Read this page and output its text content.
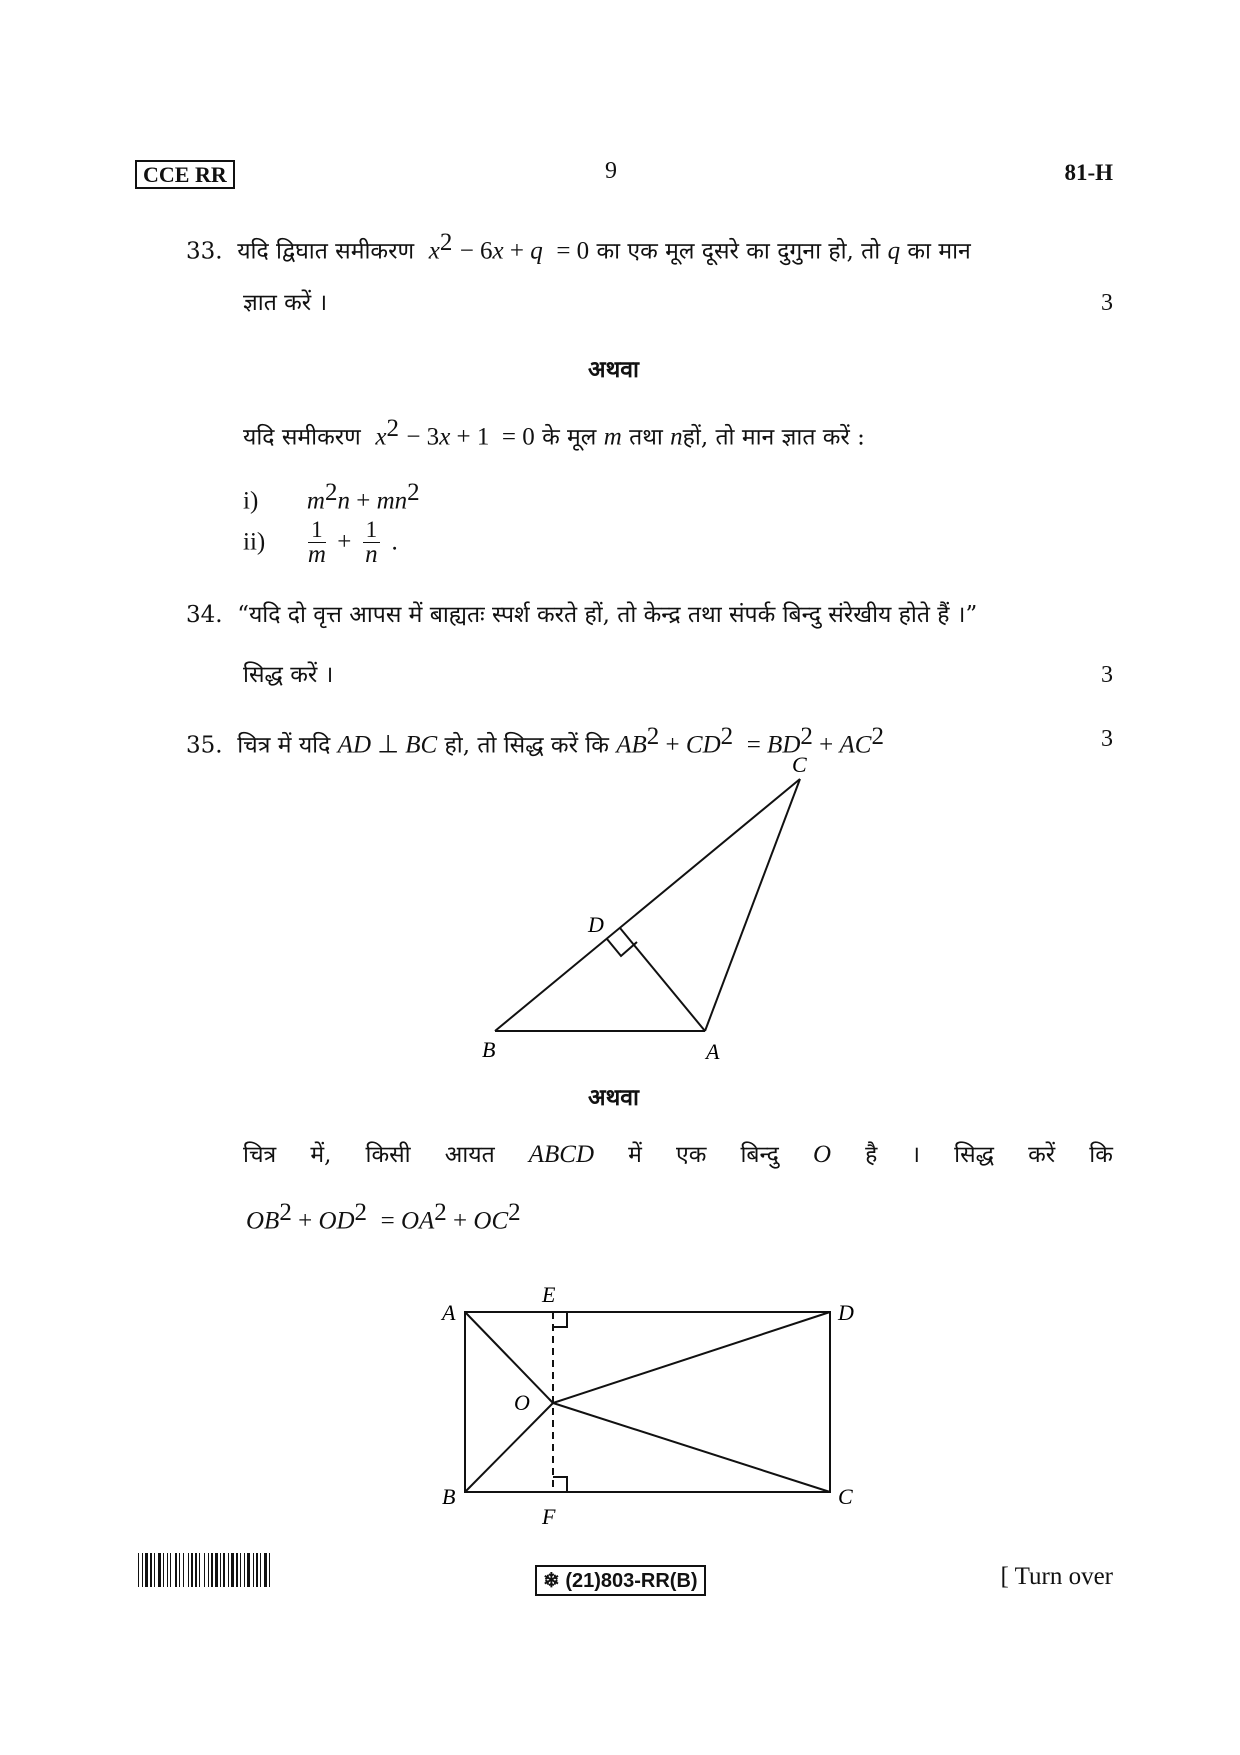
CCE RR	9	81-H
33. यदि द्विघात समीकरण $x^2 - 6x + q = 0$ का एक मूल दूसरे का दुगुना हो, तो q का मान
ज्ञात करें ।	3
अथवा
यदि समीकरण $x^2 - 3x + 1 = 0$ के मूल m तथा nहों, तो मान ज्ञात करें :
i) $m^2n + mn^2$
$ii) \frac{1}{m} + \frac{1}{n}$ .
34. “यदि दो वृत्त आपस में बाह्यतः स्पर्श करते हों, तो केन्द्र तथा संपर्क बिन्दु संरेखीय होते हैं ।”
सिद्ध करें ।	3
35. चित्र में यदि AD ⊥ BC हो, तो सिद्ध करें कि $AB^2 + CD^2 = BD^2 + AC^2$	3
C
D
B	A
अथवा
चित्र में, किसी आयत ABCD में एक बिन्दु O है । सिद्ध करें कि
$OB^2 + OD^2 = OA^2 + OC^2$
A
E
D
O
B
F
C
❄ (21)803-RR(B)	[ Turn over
